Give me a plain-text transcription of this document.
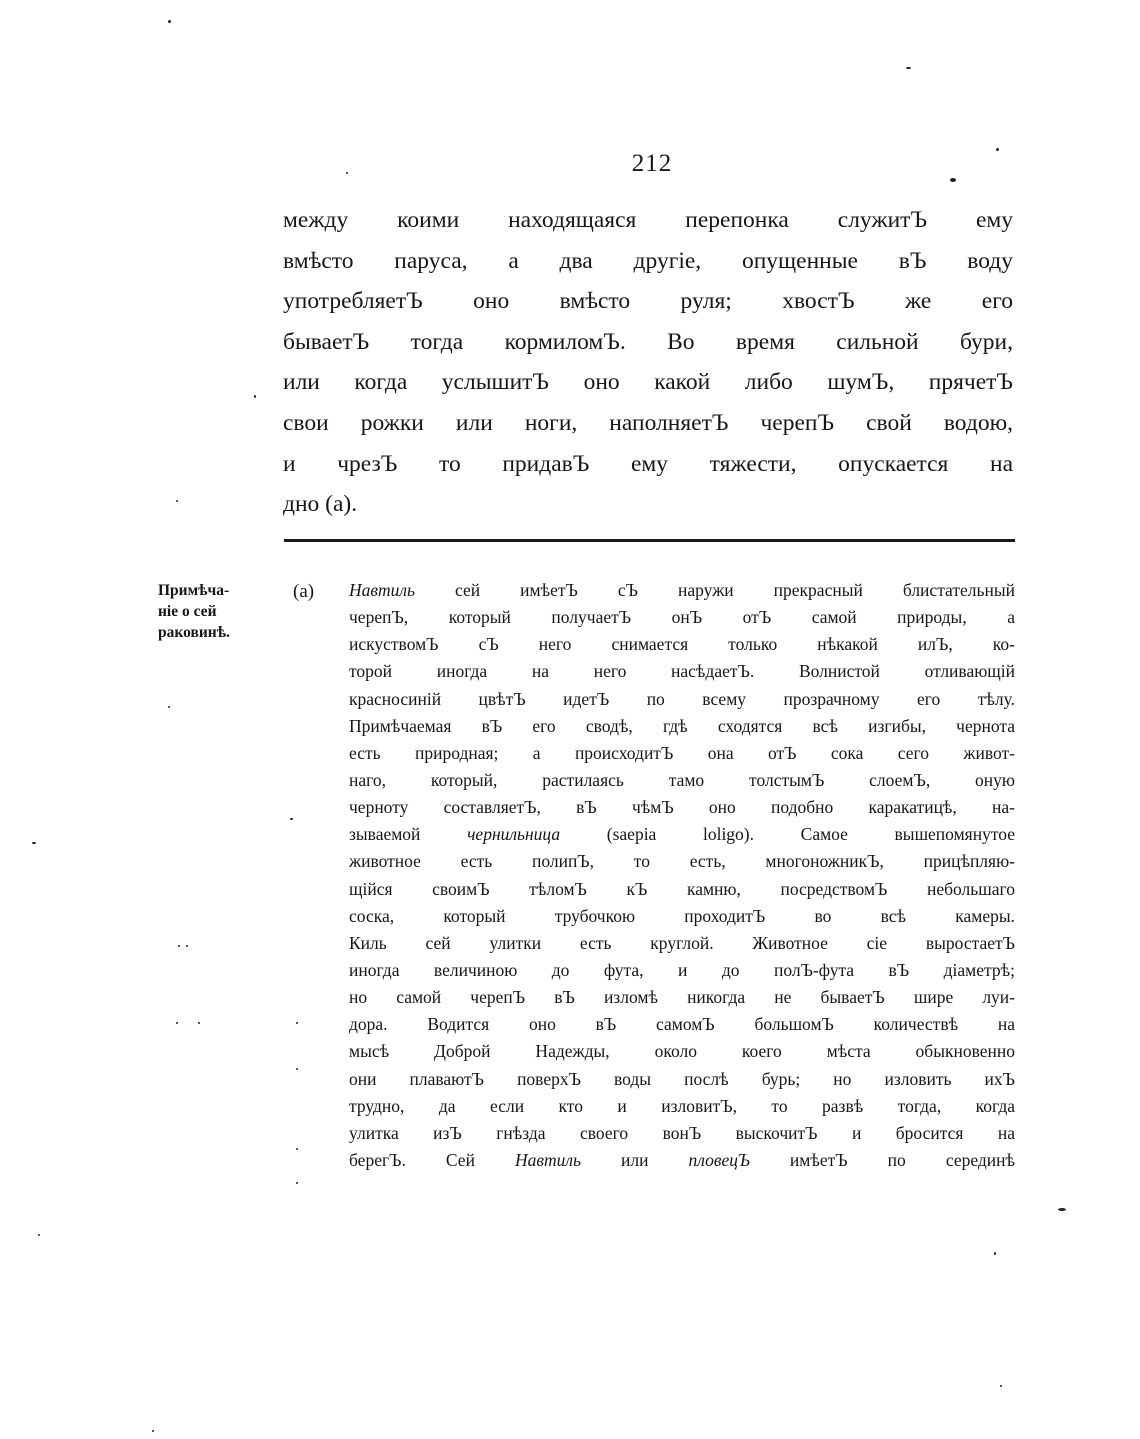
212
между коими находящаяся перепонка служитЪ ему
вмѣсто паруса, а два другіе, опущенные вЪ воду
употребляетЪ оно вмѣсто руля; хвостЪ же его
бываетЪ тогда кормиломЪ. Во время сильной бури,
или когда услышитЪ оно какой либо шумЪ, прячетЪ
свои рожки или ноги, наполняетЪ черепЪ свой водою,
и чрезЪ то придавЪ ему тяжести, опускается на
дно (а).
Примѣча-
ніе о сей
раковинѣ.
(а) Навтиль сей имѣетЪ сЪ наружи прекрасный блистательный
черепЪ, который получаетЪ онЪ отЪ самой природы, а
искуствомЪ сЪ него снимается только нѣкакой илЪ, ко-
торой иногда на него насѣдаетЪ. Волнистой отливающій
красносиній цвѣтЪ идетЪ по всему прозрачному его тѣлу.
Примѣчаемая вЪ его сводѣ, гдѣ сходятся всѣ изгибы, чернота
есть природная; а происходитЪ она отЪ сока сего живот-
наго, который, растилаясь тамо толстымЪ слоемЪ, оную
черноту составляетЪ, вЪ чѣмЪ оно подобно каракатицѣ, на-
зываемой чернильница (saepia loligo). Самое вышепомянутое
животное есть полипЪ, то есть, многоножникЪ, прицѣпляю-
щійся своимЪ тѣломЪ кЪ камню, посредствомЪ небольшаго
соска, который трубочкою проходитЪ во всѣ камеры.
Киль сей улитки есть круглой. Животное сіе выростаетЪ
иногда величиною до фута, и до полЪ-фута вЪ діаметрѣ;
но самой черепЪ вЪ изломѣ никогда не бываетЪ шире луи-
дора. Водится оно вЪ самомЪ большомЪ количествѣ на
мысѣ Доброй Надежды, около коего мѣста обыкновенно
они плаваютЪ поверхЪ воды послѣ бурь; но изловить ихЪ
трудно, да если кто и изловитЪ, то развѣ тогда, когда
улитка изЪ гнѣзда своего вонЪ выскочитЪ и бросится на
берегЪ. Сей Навтиль или пловецЪ имѣетЪ по серединѣ
